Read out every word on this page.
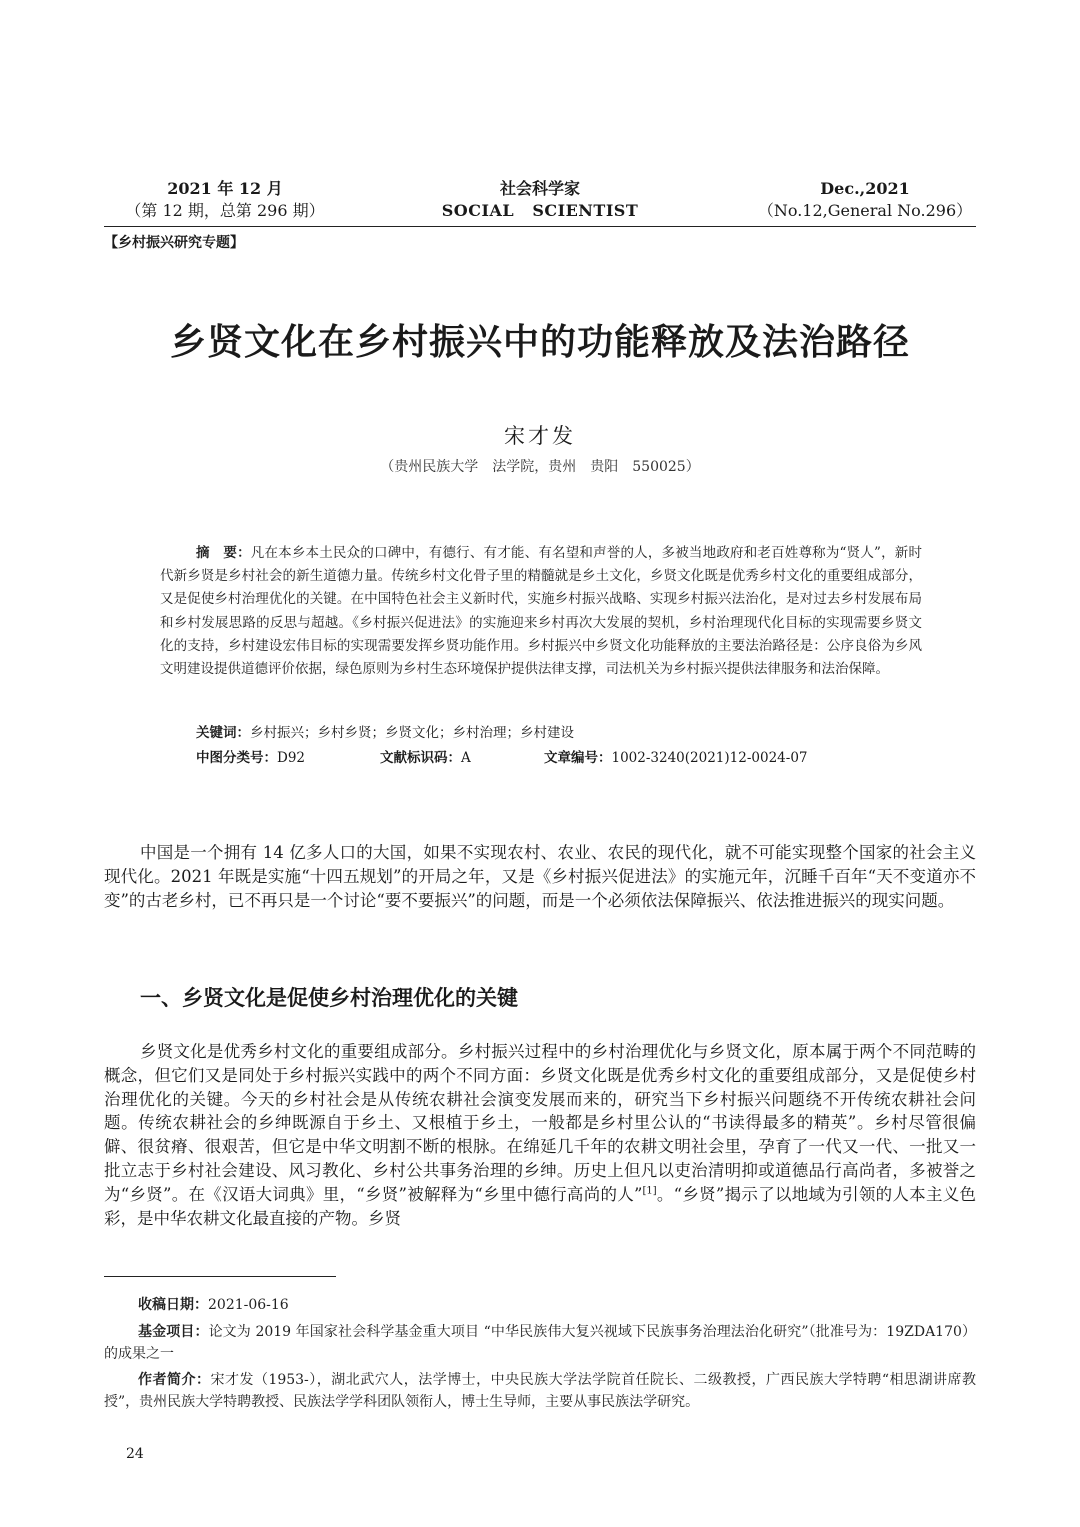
2021 年 12 月
（第 12 期，总第 296 期）
社会科学家
SOCIAL   SCIENTIST
Dec.,2021
（No.12,General No.296）
【乡村振兴研究专题】
乡贤文化在乡村振兴中的功能释放及法治路径
宋才发
（贵州民族大学　法学院，贵州　贵阳　550025）
摘　要：凡在本乡本土民众的口碑中，有德行、有才能、有名望和声誉的人，多被当地政府和老百姓尊称为“贤人”，新时代新乡贤是乡村社会的新生道德力量。传统乡村文化骨子里的精髓就是乡土文化，乡贤文化既是优秀乡村文化的重要组成部分，又是促使乡村治理优化的关键。在中国特色社会主义新时代，实施乡村振兴战略、实现乡村振兴法治化，是对过去乡村发展布局和乡村发展思路的反思与超越。《乡村振兴促进法》的实施迎来乡村再次大发展的契机，乡村治理现代化目标的实现需要乡贤文化的支持，乡村建设宏伟目标的实现需要发挥乡贤功能作用。乡村振兴中乡贤文化功能释放的主要法治路径是：公序良俗为乡风文明建设提供道德评价依据，绿色原则为乡村生态环境保护提供法律支撑，司法机关为乡村振兴提供法律服务和法治保障。
关键词：乡村振兴；乡村乡贤；乡贤文化；乡村治理；乡村建设
中图分类号：D92	文献标识码：A	文章编号：1002-3240(2021)12-0024-07
中国是一个拥有 14 亿多人口的大国，如果不实现农村、农业、农民的现代化，就不可能实现整个国家的社会主义现代化。2021 年既是实施“十四五规划”的开局之年，又是《乡村振兴促进法》的实施元年，沉睡千百年“天不变道亦不变”的古老乡村，已不再只是一个讨论“要不要振兴”的问题，而是一个必须依法保障振兴、依法推进振兴的现实问题。
一、乡贤文化是促使乡村治理优化的关键
乡贤文化是优秀乡村文化的重要组成部分。乡村振兴过程中的乡村治理优化与乡贤文化，原本属于两个不同范畴的概念，但它们又是同处于乡村振兴实践中的两个不同方面：乡贤文化既是优秀乡村文化的重要组成部分，又是促使乡村治理优化的关键。今天的乡村社会是从传统农耕社会演变发展而来的，研究当下乡村振兴问题绕不开传统农耕社会问题。传统农耕社会的乡绅既源自于乡土、又根植于乡土，一般都是乡村里公认的“书读得最多的精英”。乡村尽管很偏僻、很贫瘠、很艰苦，但它是中华文明割不断的根脉。在绵延几千年的农耕文明社会里，孕育了一代又一代、一批又一批立志于乡村社会建设、风习教化、乡村公共事务治理的乡绅。历史上但凡以吏治清明抑或道德品行高尚者，多被誉之为“乡贤”。在《汉语大词典》里，“乡贤”被解释为“乡里中德行高尚的人”[1]。“乡贤”揭示了以地域为引领的人本主义色彩，是中华农耕文化最直接的产物。乡贤
收稿日期：2021-06-16
基金项目：论文为 2019 年国家社会科学基金重大项目 “中华民族伟大复兴视域下民族事务治理法治化研究”（批准号为：19ZDA170）的成果之一
作者简介：宋才发（1953-），湖北武穴人，法学博士，中央民族大学法学院首任院长、二级教授，广西民族大学特聘“相思湖讲席教授”，贵州民族大学特聘教授、民族法学学科团队领衔人，博士生导师，主要从事民族法学研究。
24
